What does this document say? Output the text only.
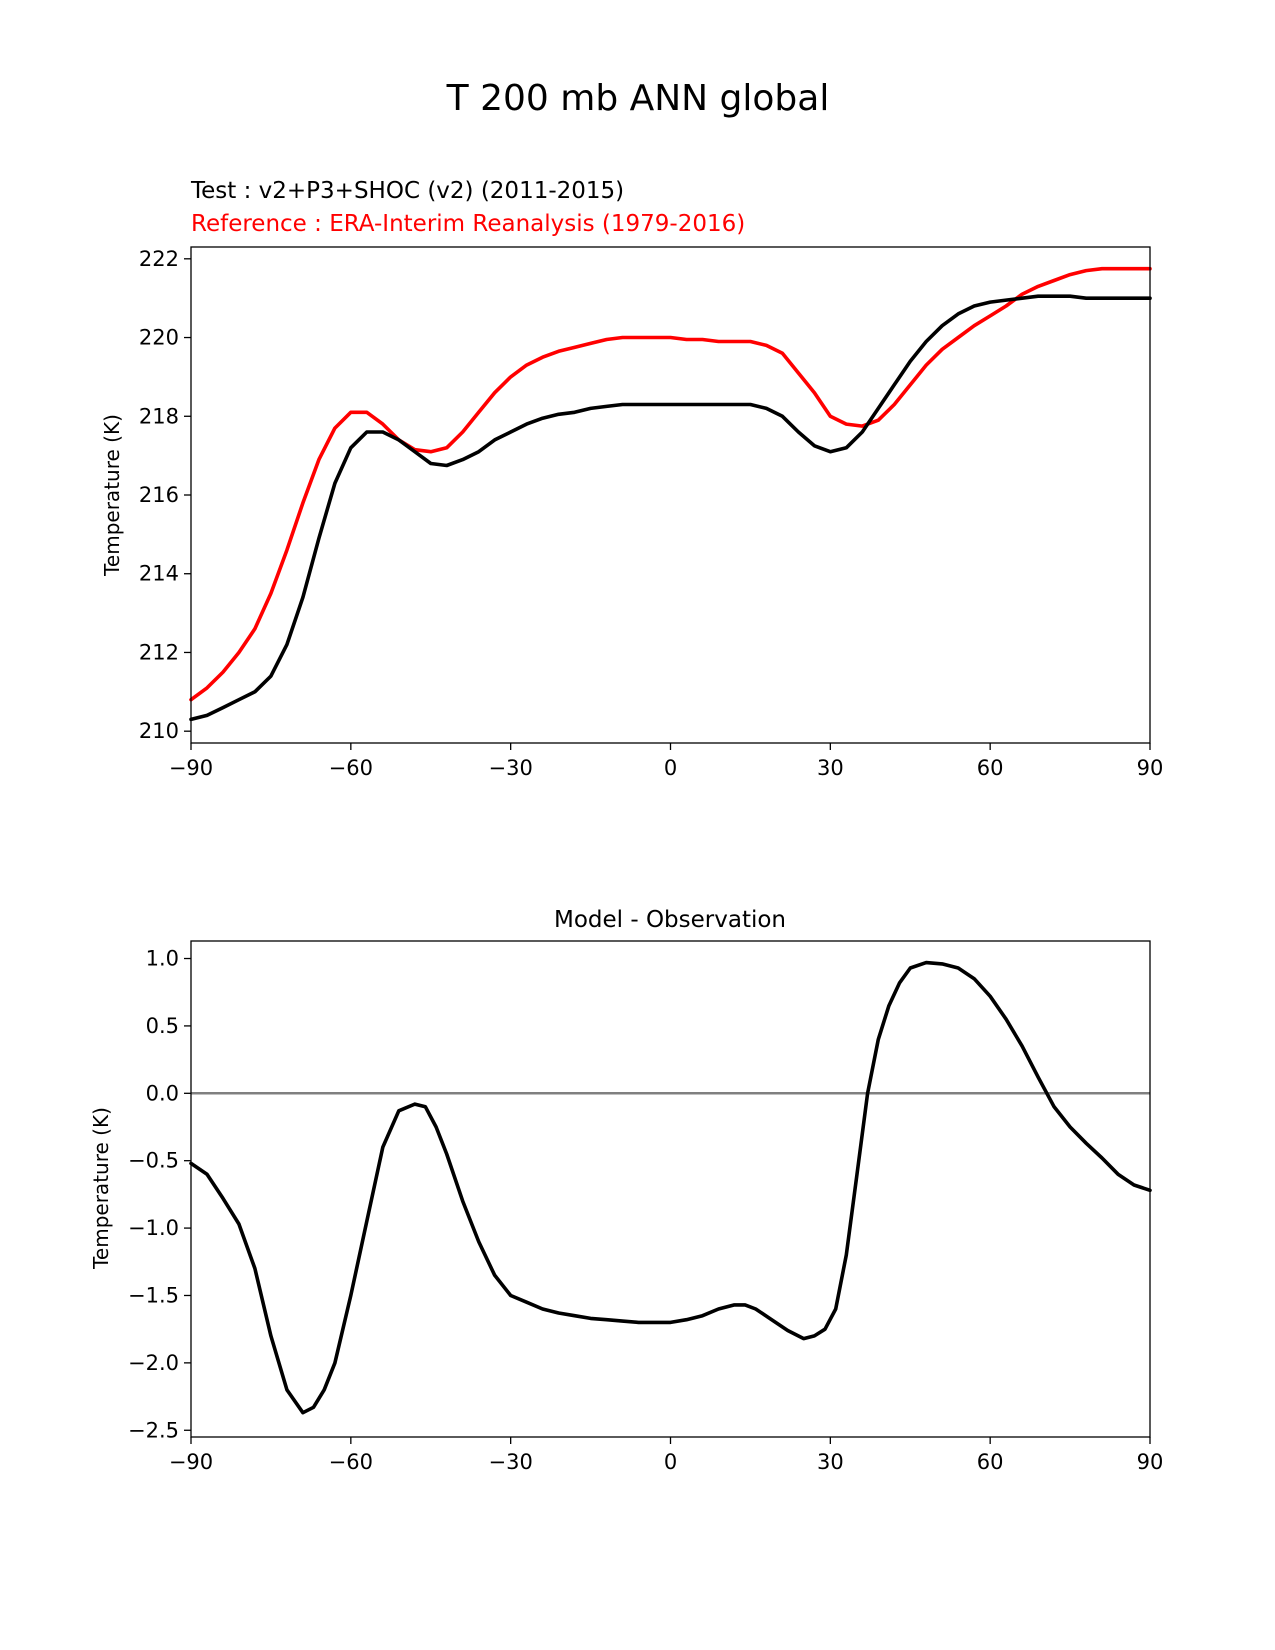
T 200 mb ANN global
Test : v2+P3+SHOC (v2) (2011-2015)
Reference : ERA-Interim Reanalysis (1979-2016)
Temperature (K)
−90	−60	−30	0	30	60	90
210
212
214
216
218
220
222
Model - Observation
Temperature (K)
−90	−60	−30	0	30	60	90
1.0
0.5
0.0
−0.5
−1.0
−1.5
−2.0
−2.5
